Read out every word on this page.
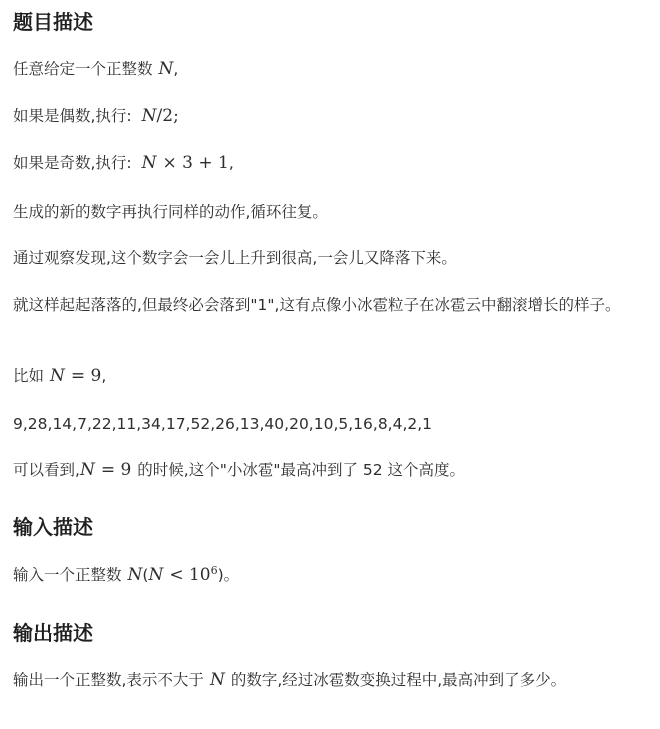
题目描述

任意给定一个正整数 N,

如果是偶数,执行: N/2;

如果是奇数,执行: N × 3 + 1,

生成的新的数字再执行同样的动作,循环往复。

通过观察发现,这个数字会一会儿上升到很高,一会儿又降落下来。

就这样起起落落的,但最终必会落到"1",这有点像小冰雹粒子在冰雹云中翻滚增长的样子。

比如 N = 9,

9,28,14,7,22,11,34,17,52,26,13,40,20,10,5,16,8,4,2,1

可以看到,N = 9 的时候,这个"小冰雹"最高冲到了 52 这个高度。

输入描述

输入一个正整数 $N(N < 10^6)$。

输出描述

输出一个正整数,表示不大于 N 的数字,经过冰雹数变换过程中,最高冲到了多少。
